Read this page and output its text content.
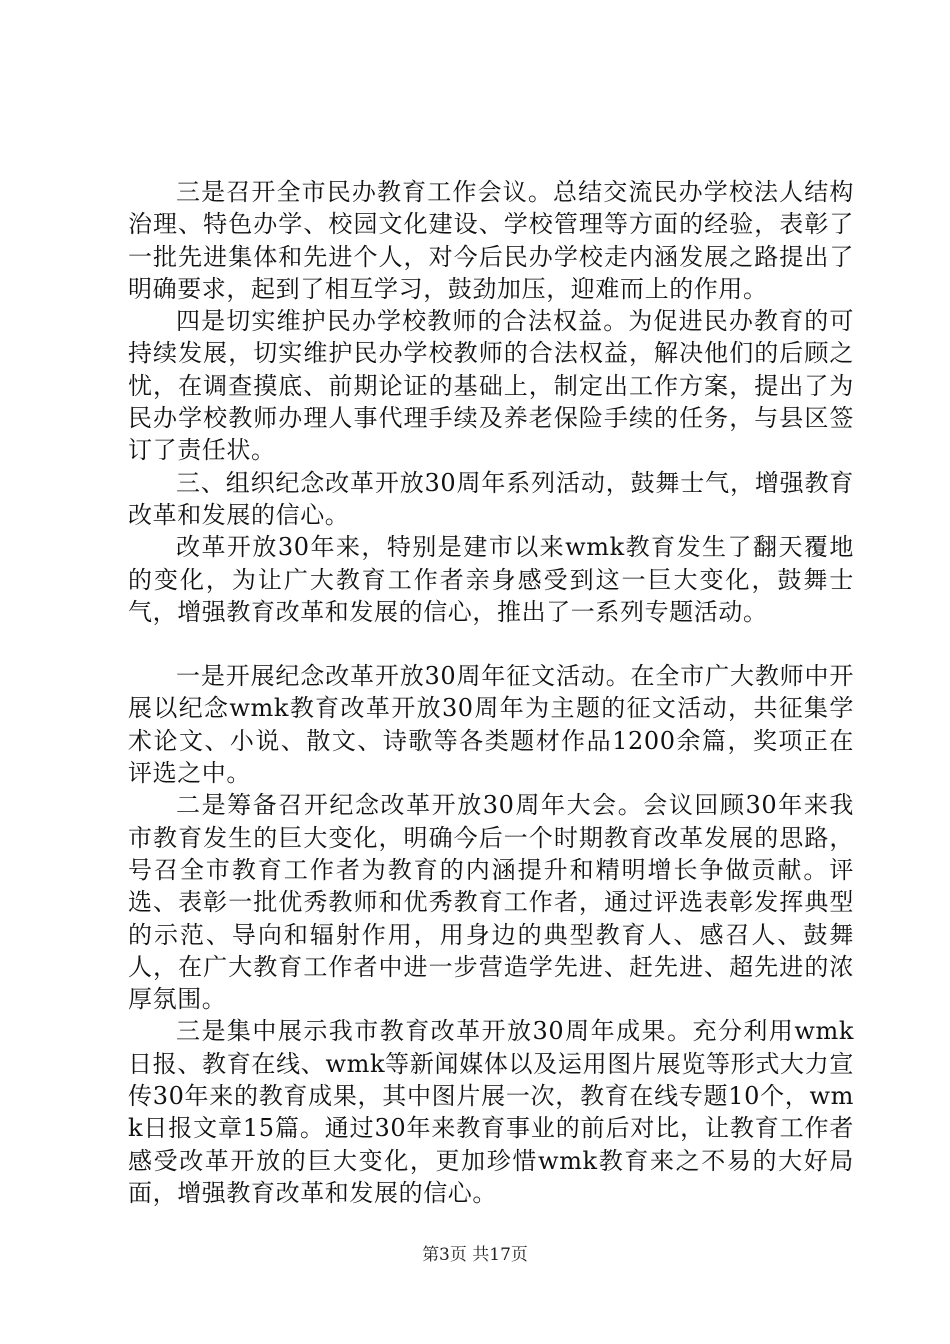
三是召开全市民办教育工作会议。总结交流民办学校法人结构治理、特色办学、校园文化建设、学校管理等方面的经验，表彰了一批先进集体和先进个人，对今后民办学校走内涵发展之路提出了明确要求，起到了相互学习，鼓劲加压，迎难而上的作用。

四是切实维护民办学校教师的合法权益。为促进民办教育的可持续发展，切实维护民办学校教师的合法权益，解决他们的后顾之忧，在调查摸底、前期论证的基础上，制定出工作方案，提出了为民办学校教师办理人事代理手续及养老保险手续的任务，与县区签订了责任状。

三、组织纪念改革开放30周年系列活动，鼓舞士气，增强教育改革和发展的信心。

改革开放30年来，特别是建市以来wmk教育发生了翻天覆地的变化，为让广大教育工作者亲身感受到这一巨大变化，鼓舞士气，增强教育改革和发展的信心，推出了一系列专题活动。

一是开展纪念改革开放30周年征文活动。在全市广大教师中开展以纪念wmk教育改革开放30周年为主题的征文活动，共征集学术论文、小说、散文、诗歌等各类题材作品1200余篇，奖项正在评选之中。

二是筹备召开纪念改革开放30周年大会。会议回顾30年来我市教育发生的巨大变化，明确今后一个时期教育改革发展的思路，号召全市教育工作者为教育的内涵提升和精明增长争做贡献。评选、表彰一批优秀教师和优秀教育工作者，通过评选表彰发挥典型的示范、导向和辐射作用，用身边的典型教育人、感召人、鼓舞人，在广大教育工作者中进一步营造学先进、赶先进、超先进的浓厚氛围。

三是集中展示我市教育改革开放30周年成果。充分利用wmk日报、教育在线、wmk等新闻媒体以及运用图片展览等形式大力宣传30年来的教育成果，其中图片展一次，教育在线专题10个，wmk日报文章15篇。通过30年来教育事业的前后对比，让教育工作者感受改革开放的巨大变化，更加珍惜wmk教育来之不易的大好局面，增强教育改革和发展的信心。

第3页 共17页
